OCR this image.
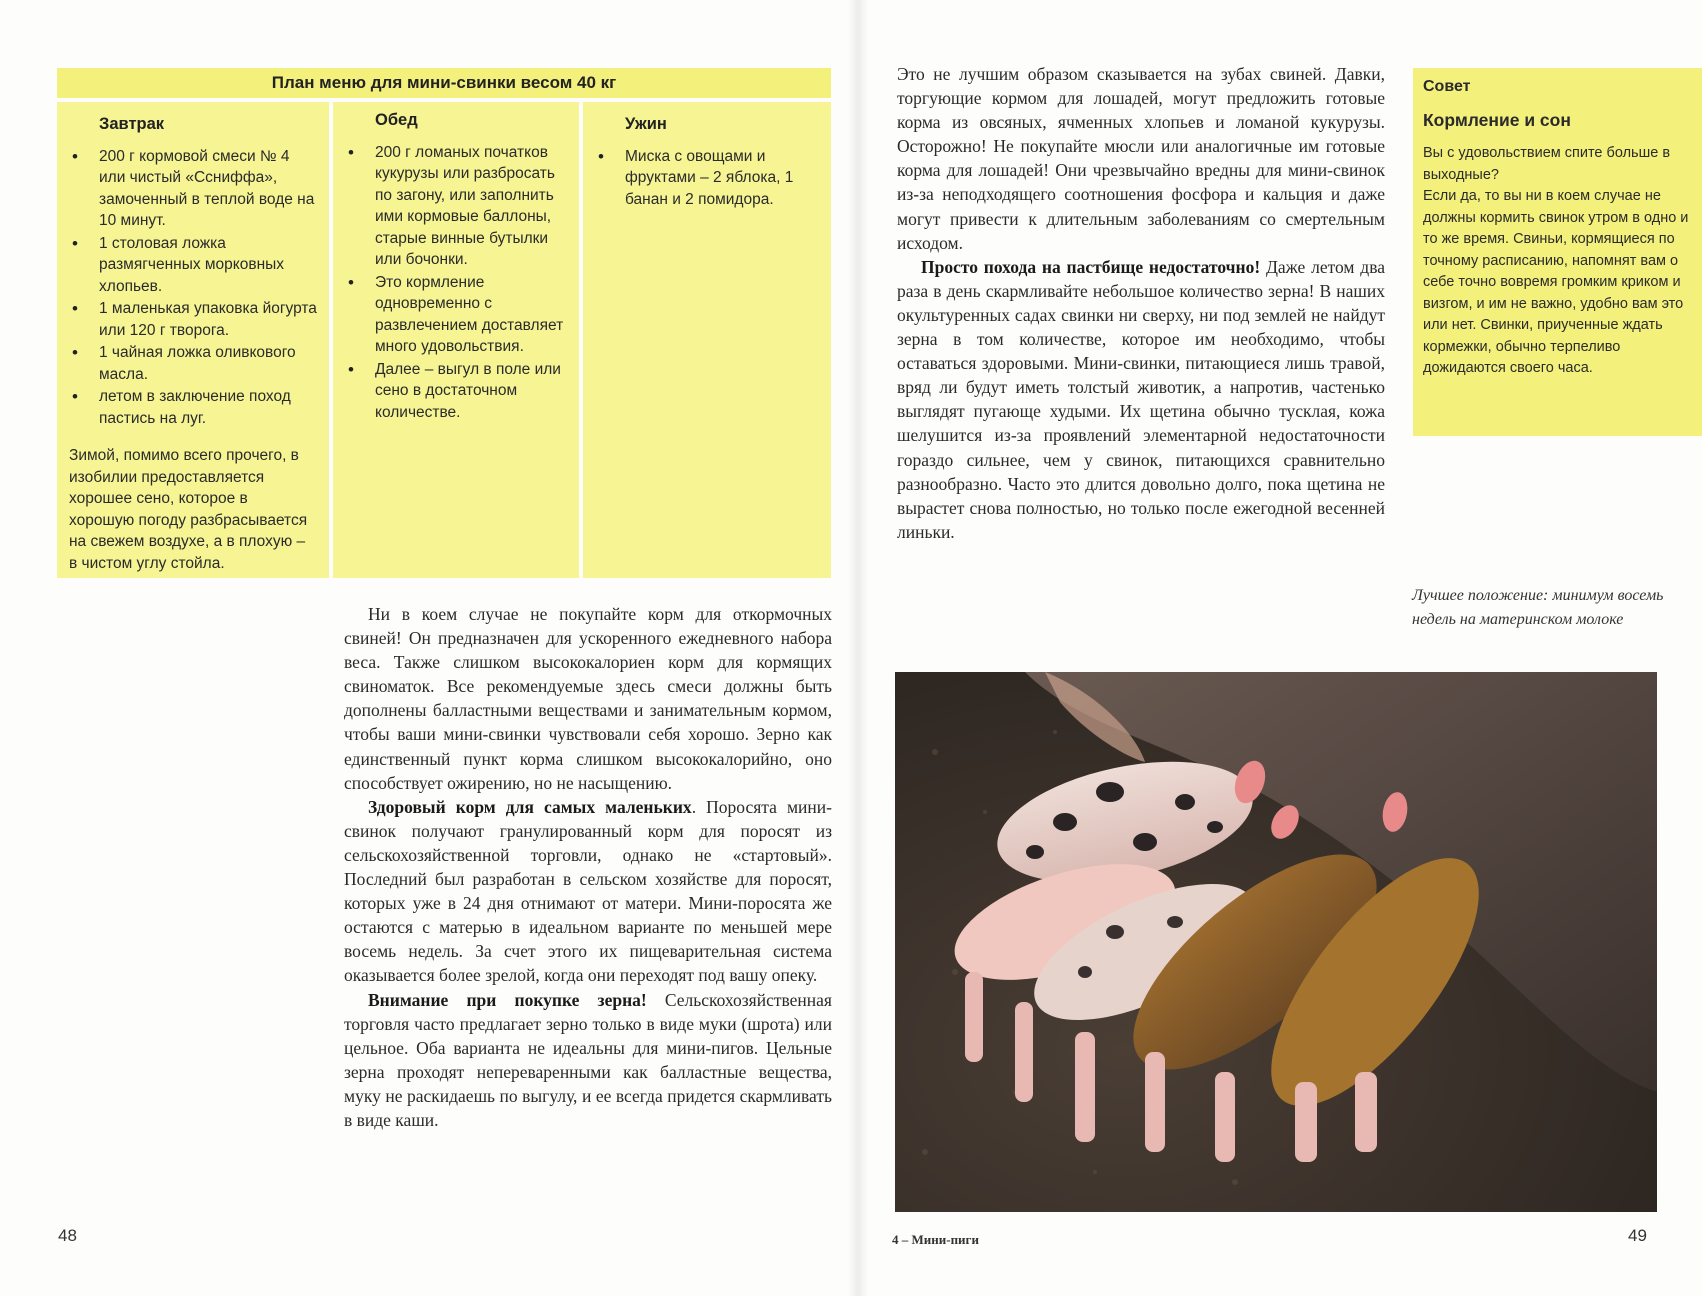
План меню для мини-свинки весом 40 кг
Завтрак
• 200 г кормовой смеси № 4 или чистый «Ссниффа», замоченный в теплой воде на 10 минут.
• 1 столовая ложка размягченных морковных хлопьев.
• 1 маленькая упаковка йогурта или 120 г творога.
• 1 чайная ложка оливкового масла.
• летом в заключение поход пастись на луг.

Зимой, помимо всего прочего, в изобилии предоставляется хорошее сено, которое в хорошую погоду разбрасывается на свежем воздухе, а в плохую – в чистом углу стойла.

Обед
• 200 г ломаных початков кукурузы или разбросать по загону, или заполнить ими кормовые баллоны, старые винные бутылки или бочонки.
• Это кормление одновременно с развлечением доставляет много удовольствия.
• Далее – выгул в поле или сено в достаточном количестве.
Ужин
• Миска с овощами и фруктами – 2 яблока, 1 банан и 2 помидора.

Ни в коем случае не покупайте корм для откормочных свиней! Он предназначен для ускоренного ежедневного набора веса. Также слишком высококалориен корм для кормящих свиноматок. Все рекомендуемые здесь смеси должны быть дополнены балластными веществами и занимательным кормом, чтобы ваши мини-свинки чувствовали себя хорошо. Зерно как единственный пункт корма слишком высококалорийно, оно способствует ожирению, но не насыщению.

Здоровый корм для самых маленьких. Поросята мини-свинок получают гранулированный корм для поросят из сельскохозяйственной торговли, однако не «стартовый». Последний был разработан в сельском хозяйстве для поросят, которых уже в 24 дня отнимают от матери. Мини-поросята же остаются с матерью в идеальном варианте по меньшей мере восемь недель. За счет этого их пищеварительная система оказывается более зрелой, когда они переходят под вашу опеку.

Внимание при покупке зерна! Сельскохозяйственная торговля часто предлагает зерно только в виде муки (шрота) или цельное. Оба варианта не идеальны для мини-пигов. Цельные зерна проходят непереваренными как балластные вещества, муку не раскидаешь по выгулу, и ее всегда придется скармливать в виде каши.

Это не лучшим образом сказывается на зубах свиней. Давки, торгующие кормом для лошадей, могут предложить готовые корма из овсяных, ячменных хлопьев и ломаной кукурузы. Осторожно! Не покупайте мюсли или аналогичные им готовые корма для лошадей! Они чрезвычайно вредны для мини-свинок из-за неподходящего соотношения фосфора и кальция и даже могут привести к длительным заболеваниям со смертельным исходом.

Просто похода на пастбище недостаточно! Даже летом два раза в день скармливайте небольшое количество зерна! В наших окультуренных садах свинки ни сверху, ни под землей не найдут зерна в том количестве, которое им необходимо, чтобы оставаться здоровыми. Мини-свинки, питающиеся лишь травой, вряд ли будут иметь толстый животик, а напротив, частенько выглядят пугающе худыми. Их щетина обычно тусклая, кожа шелушится из-за проявлений элементарной недостаточности гораздо сильнее, чем у свинок, питающихся сравнительно разнообразно. Часто это длится довольно долго, пока щетина не вырастет снова полностью, но только после ежегодной весенней линьки.

Совет
Кормление и сон

Вы с удовольствием спите больше в выходные?

Если да, то вы ни в коем случае не должны кормить свинок утром в одно и то же время. Свиньи, кормящиеся по точному расписанию, напомнят вам о себе точно вовремя громким криком и визгом, и им не важно, удобно вам это или нет. Свинки, приученные ждать кормежки, обычно терпеливо дожидаются своего часа.

Лучшее положение: минимум восемь недель на материнском молоке
48	4 – Мини-пиги	49
